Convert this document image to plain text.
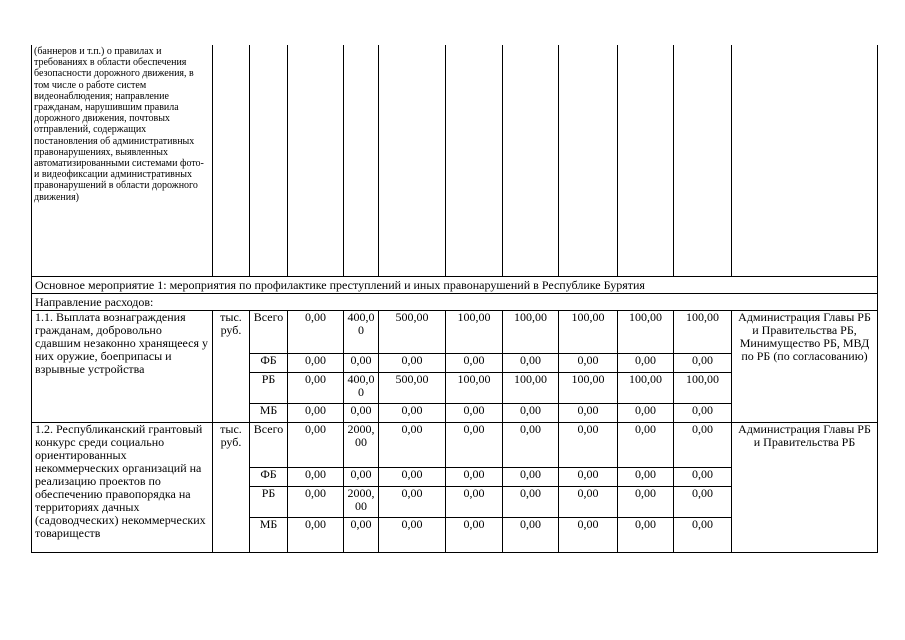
(баннеров и т.п.) о правилах и требованиях в области обеспечения безопасности дорожного движения, в том числе о работе систем видеонаблюдения; направление гражданам, нарушившим правила дорожного движения, почтовых отправлений, содержащих постановления об административных правонарушениях, выявленных автоматизированными системами фото- и видеофиксации административных правонарушений в области дорожного движения)											
Основное мероприятие 1: мероприятия по профилактике преступлений и иных правонарушений в Республике Бурятия											
Направление расходов:											
1.1. Выплата вознаграждения гражданам, добровольно сдавшим незаконно хранящееся у них оружие, боеприпасы и взрывные устройства	тыс. руб.	Всего	0,00	400,0 0	500,00	100,00	100,00	100,00	100,00	100,00	Администрация Главы РБ и Правительства РБ, Минимущество РБ, МВД по РБ (по согласованию)
		ФБ	0,00	0,00	0,00	0,00	0,00	0,00	0,00	0,00	
		РБ	0,00	400,0 0	500,00	100,00	100,00	100,00	100,00	100,00	
		МБ	0,00	0,00	0,00	0,00	0,00	0,00	0,00	0,00	
1.2. Республиканский грантовый конкурс среди социально ориентированных некоммерческих организаций на реализацию проектов по обеспечению правопорядка на территориях дачных (садоводческих) некоммерческих товариществ	тыс. руб.	Всего	0,00	2000, 00	0,00	0,00	0,00	0,00	0,00	0,00	Администрация Главы РБ и Правительства РБ
		ФБ	0,00	0,00	0,00	0,00	0,00	0,00	0,00	0,00	
		РБ	0,00	2000, 00	0,00	0,00	0,00	0,00	0,00	0,00	
		МБ	0,00	0,00	0,00	0,00	0,00	0,00	0,00	0,00	
